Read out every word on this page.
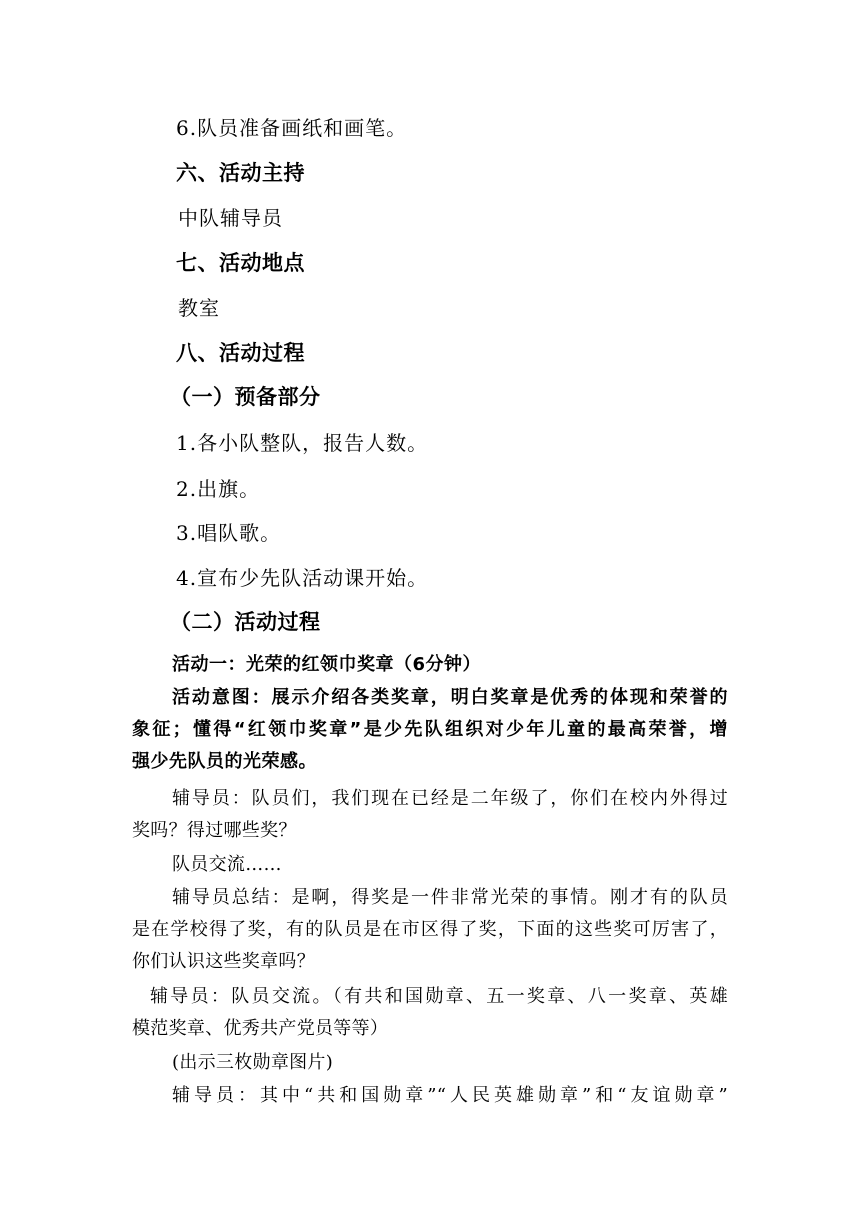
6.队员准备画纸和画笔。
六、活动主持
中队辅导员
七、活动地点
教室
八、活动过程
（一）预备部分
1.各小队整队，报告人数。
2.出旗。
3.唱队歌。
4.宣布少先队活动课开始。
（二）活动过程
活动一：光荣的红领巾奖章（6分钟）
活动意图：展示介绍各类奖章，明白奖章是优秀的体现和荣誉的
象征；懂得“红领巾奖章”是少先队组织对少年儿童的最高荣誉，增
强少先队员的光荣感。
辅导员：队员们，我们现在已经是二年级了，你们在校内外得过
奖吗？得过哪些奖？
队员交流……
辅导员总结：是啊，得奖是一件非常光荣的事情。刚才有的队员
是在学校得了奖，有的队员是在市区得了奖，下面的这些奖可厉害了，
你们认识这些奖章吗？
辅导员：队员交流。（有共和国勋章、五一奖章、八一奖章、英雄
模范奖章、优秀共产党员等等）
(出示三枚勋章图片)
辅导员：其中“共和国勋章”“人民英雄勋章”和“友谊勋章”
